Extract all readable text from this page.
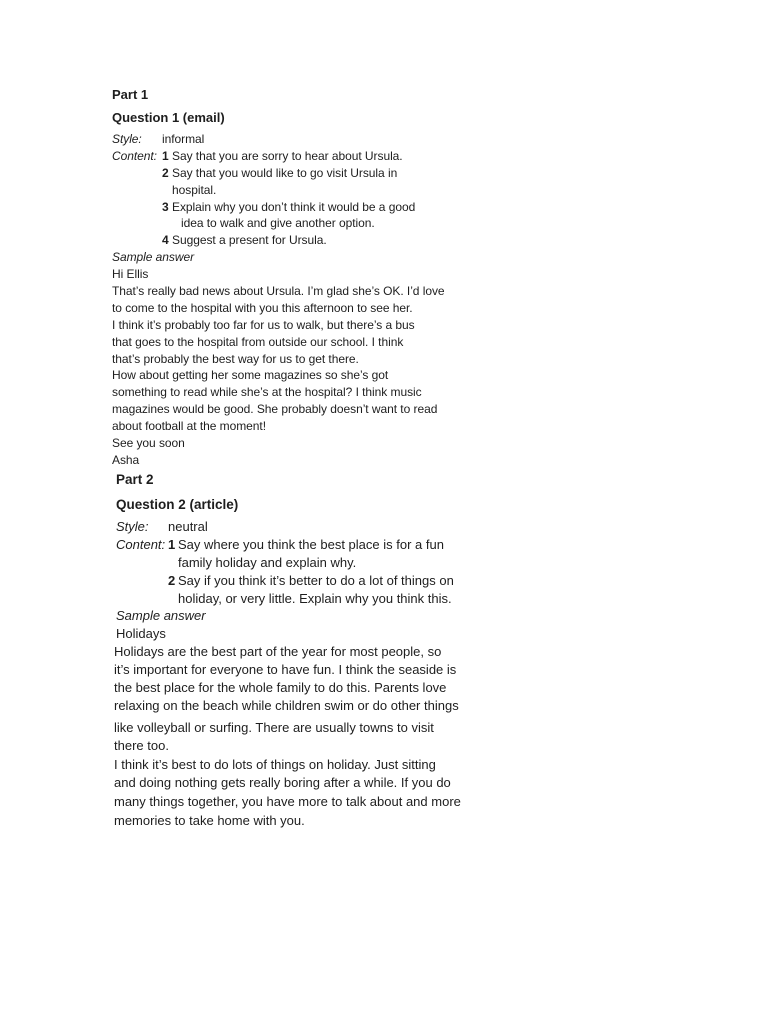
Part 1
Question 1 (email)
Style:	informal
Content: 1 Say that you are sorry to hear about Ursula.
2 Say that you would like to go visit Ursula in
hospital.
3 Explain why you don’t think it would be a good
idea to walk and give another option.
4 Suggest a present for Ursula.
Sample answer
Hi Ellis
That’s really bad news about Ursula. I’m glad she’s OK. I’d love
to come to the hospital with you this afternoon to see her.
I think it’s probably too far for us to walk, but there’s a bus
that goes to the hospital from outside our school. I think
that’s probably the best way for us to get there.
How about getting her some magazines so she’s got
something to read while she’s at the hospital? I think music
magazines would be good. She probably doesn’t want to read
about football at the moment!
See you soon
Asha
Part 2
Question 2 (article)
Style:	neutral
Content: 1 Say where you think the best place is for a fun
family holiday and explain why.
2 Say if you think it’s better to do a lot of things on
holiday, or very little. Explain why you think this.
Sample answer
Holidays
Holidays are the best part of the year for most people, so
it’s important for everyone to have fun. I think the seaside is
the best place for the whole family to do this. Parents love
relaxing on the beach while children swim or do other things
like volleyball or surfing. There are usually towns to visit
there too.
I think it’s best to do lots of things on holiday. Just sitting
and doing nothing gets really boring after a while. If you do
many things together, you have more to talk about and more
memories to take home with you.
